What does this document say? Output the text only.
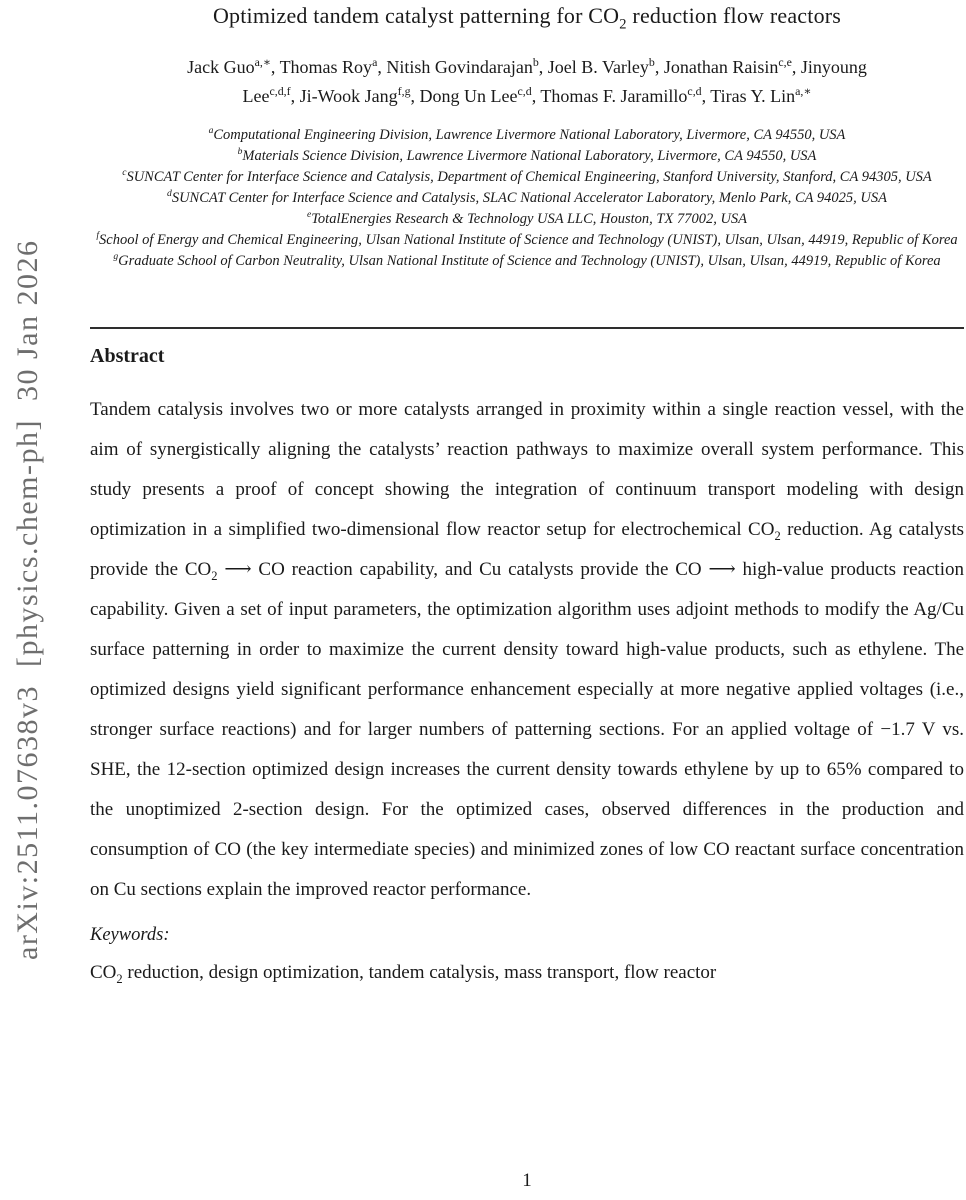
arXiv:2511.07638v3  [physics.chem-ph]  30 Jan 2026
Optimized tandem catalyst patterning for $CO_2$ reduction flow reactors
Jack Guo$^{a,∗}$, Thomas Roy$^a$, Nitish Govindarajan$^b$, Joel B. Varley$^b$, Jonathan Raisin$^{c,e}$, Jinyoung
Lee$^{c,d,f}$, Ji-Wook Jang$^{f,g}$, Dong Un Lee$^{c,d}$, Thomas F. Jaramillo$^{c,d}$, Tiras Y. Lin$^{a,∗}$
$^a$Computational Engineering Division, Lawrence Livermore National Laboratory, Livermore, CA 94550, USA
$^b$Materials Science Division, Lawrence Livermore National Laboratory, Livermore, CA 94550, USA
$^c$SUNCAT Center for Interface Science and Catalysis, Department of Chemical Engineering, Stanford University, Stanford, CA 94305, USA
$^d$SUNCAT Center for Interface Science and Catalysis, SLAC National Accelerator Laboratory, Menlo Park, CA 94025, USA
$^e$TotalEnergies Research & Technology USA LLC, Houston, TX 77002, USA
$^f$School of Energy and Chemical Engineering, Ulsan National Institute of Science and Technology (UNIST), Ulsan, Ulsan, 44919, Republic of Korea
$^g$Graduate School of Carbon Neutrality, Ulsan National Institute of Science and Technology (UNIST), Ulsan, Ulsan, 44919, Republic of Korea
Abstract

Tandem catalysis involves two or more catalysts arranged in proximity within a single reaction vessel, with the aim of synergistically aligning the catalysts’ reaction pathways to maximize overall system performance. This study presents a proof of concept showing the integration of continuum transport modeling with design optimization in a simplified two-dimensional flow reactor setup for electrochemical $CO_2$ reduction. Ag catalysts provide the $CO_2$ ⟶ CO reaction capability, and Cu catalysts provide the CO ⟶ high-value products reaction capability. Given a set of input parameters, the optimization algorithm uses adjoint methods to modify the Ag/Cu surface patterning in order to maximize the current density toward high-value products, such as ethylene. The optimized designs yield significant performance enhancement especially at more negative applied voltages (i.e., stronger surface reactions) and for larger numbers of patterning sections. For an applied voltage of −1.7 V vs. SHE, the 12-section optimized design increases the current density towards ethylene by up to 65% compared to the unoptimized 2-section design. For the optimized cases, observed differences in the production and consumption of CO (the key intermediate species) and minimized zones of low CO reactant surface concentration on Cu sections explain the improved reactor performance.

Keywords:
$CO_2$ reduction, design optimization, tandem catalysis, mass transport, flow reactor
1
